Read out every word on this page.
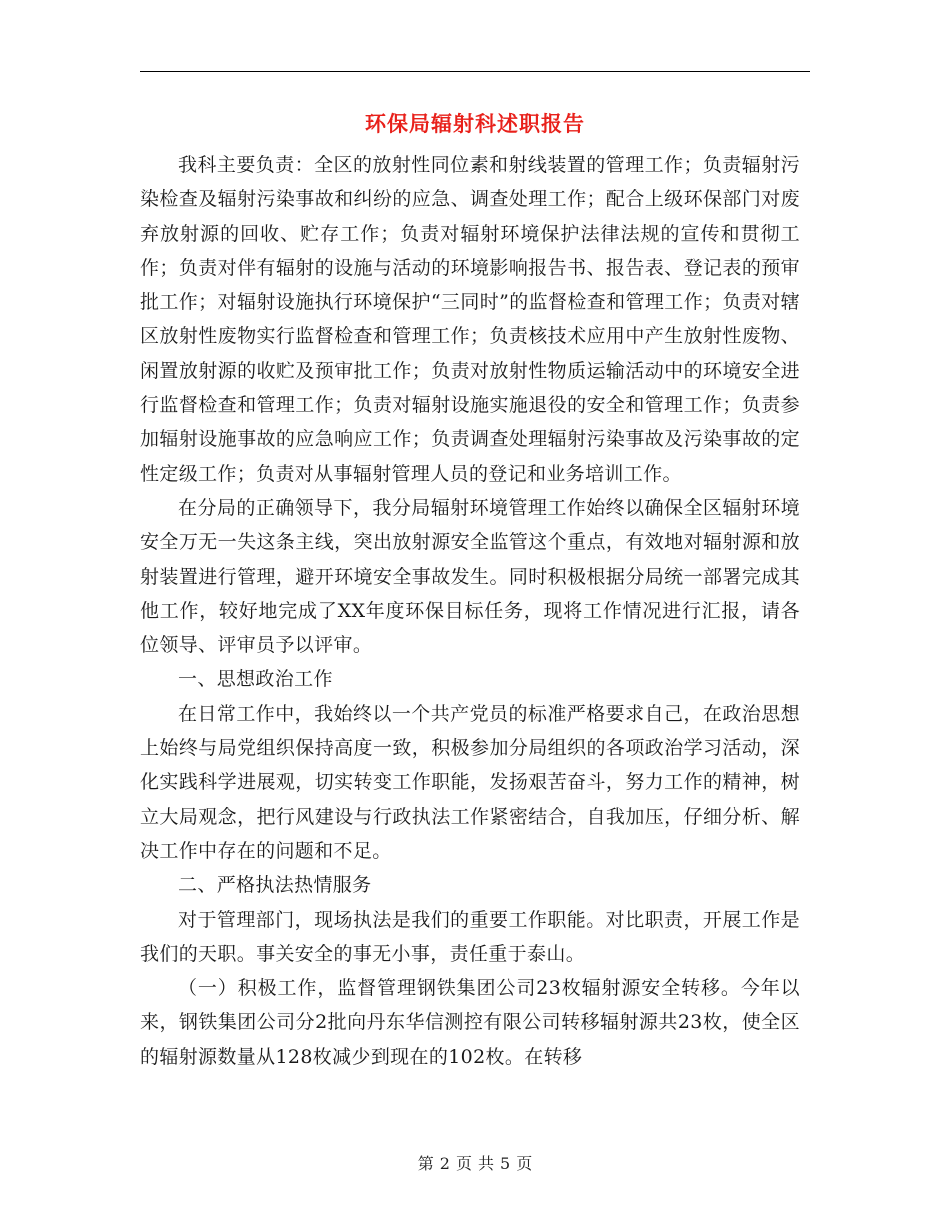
环保局辐射科述职报告

我科主要负责：全区的放射性同位素和射线装置的管理工作；负责辐射污染检查及辐射污染事故和纠纷的应急、调查处理工作；配合上级环保部门对废弃放射源的回收、贮存工作；负责对辐射环境保护法律法规的宣传和贯彻工作；负责对伴有辐射的设施与活动的环境影响报告书、报告表、登记表的预审批工作；对辐射设施执行环境保护“三同时”的监督检查和管理工作；负责对辖区放射性废物实行监督检查和管理工作；负责核技术应用中产生放射性废物、闲置放射源的收贮及预审批工作；负责对放射性物质运输活动中的环境安全进行监督检查和管理工作；负责对辐射设施实施退役的安全和管理工作；负责参加辐射设施事故的应急响应工作；负责调查处理辐射污染事故及污染事故的定性定级工作；负责对从事辐射管理人员的登记和业务培训工作。

在分局的正确领导下，我分局辐射环境管理工作始终以确保全区辐射环境安全万无一失这条主线，突出放射源安全监管这个重点，有效地对辐射源和放射装置进行管理，避开环境安全事故发生。同时积极根据分局统一部署完成其他工作，较好地完成了XX年度环保目标任务，现将工作情况进行汇报，请各位领导、评审员予以评审。

一、思想政治工作

在日常工作中，我始终以一个共产党员的标准严格要求自己，在政治思想上始终与局党组织保持高度一致，积极参加分局组织的各项政治学习活动，深化实践科学进展观，切实转变工作职能，发扬艰苦奋斗，努力工作的精神，树立大局观念，把行风建设与行政执法工作紧密结合，自我加压，仔细分析、解决工作中存在的问题和不足。

二、严格执法热情服务

对于管理部门，现场执法是我们的重要工作职能。对比职责，开展工作是我们的天职。事关安全的事无小事，责任重于泰山。

（一）积极工作，监督管理钢铁集团公司23枚辐射源安全转移。今年以来，钢铁集团公司分2批向丹东华信测控有限公司转移辐射源共23枚，使全区的辐射源数量从128枚减少到现在的102枚。在转移

第 2 页 共 5 页
